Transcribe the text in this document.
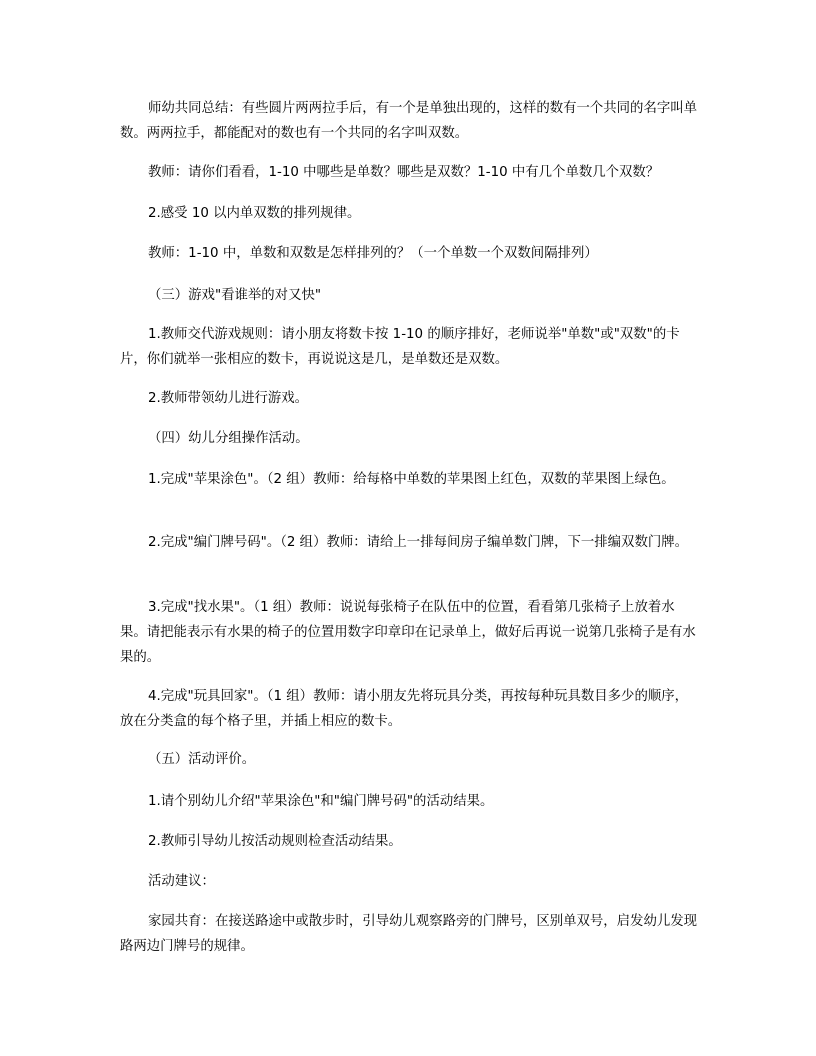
师幼共同总结：有些圆片两两拉手后，有一个是单独出现的，这样的数有一个共同的名字叫单数。两两拉手，都能配对的数也有一个共同的名字叫双数。

教师：请你们看看，1-10 中哪些是单数？哪些是双数？1-10 中有几个单数几个双数？

2.感受 10 以内单双数的排列规律。

教师：1-10 中，单数和双数是怎样排列的？（一个单数一个双数间隔排列）

（三）游戏"看谁举的对又快"

1.教师交代游戏规则：请小朋友将数卡按 1-10 的顺序排好，老师说举"单数"或"双数"的卡片，你们就举一张相应的数卡，再说说这是几，是单数还是双数。

2.教师带领幼儿进行游戏。

（四）幼儿分组操作活动。

1.完成"苹果涂色"。（2 组）教师：给每格中单数的苹果图上红色，双数的苹果图上绿色。

2.完成"编门牌号码"。（2 组）教师：请给上一排每间房子编单数门牌，下一排编双数门牌。

3.完成"找水果"。（1 组）教师：说说每张椅子在队伍中的位置，看看第几张椅子上放着水果。请把能表示有水果的椅子的位置用数字印章印在记录单上，做好后再说一说第几张椅子是有水果的。

4.完成"玩具回家"。（1 组）教师：请小朋友先将玩具分类，再按每种玩具数目多少的顺序，放在分类盒的每个格子里，并插上相应的数卡。

（五）活动评价。

1.请个别幼儿介绍"苹果涂色"和"编门牌号码"的活动结果。

2.教师引导幼儿按活动规则检查活动结果。

活动建议：

家园共育：在接送路途中或散步时，引导幼儿观察路旁的门牌号，区别单双号，启发幼儿发现路两边门牌号的规律。
